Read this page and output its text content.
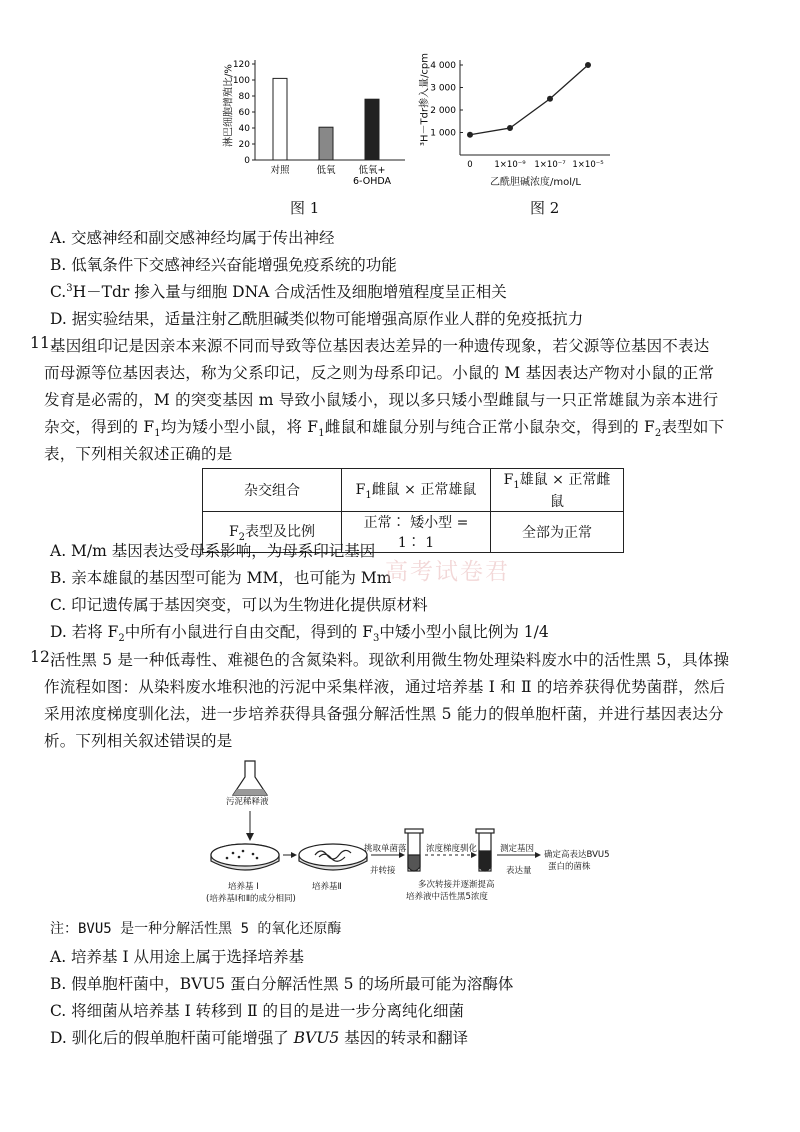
120
100
80
60
40
20
0
对照	低氧 低氧+
6-OHDA
淋巴细胞增殖比/%
图 1
4 000
3 000
2 000
1 000
0	1×10⁻⁹ 1×10⁻⁷ 1×10⁻⁵
³H－Tdr掺入量/cpm
乙酰胆碱浓度/mol/L
图 2
A. 交感神经和副交感神经均属于传出神经
B. 低氧条件下交感神经兴奋能增强免疫系统的功能
C.$^3$H－Tdr 掺入量与细胞 DNA 合成活性及细胞增殖程度呈正相关
D. 据实验结果，适量注射乙酰胆碱类似物可能增强高原作业人群的免疫抵抗力
11.
基因组印记是因亲本来源不同而导致等位基因表达差异的一种遗传现象，若父源等位基因不表达
而母源等位基因表达，称为父系印记，反之则为母系印记。小鼠的 M 基因表达产物对小鼠的正常
发育是必需的，M 的突变基因 m 导致小鼠矮小，现以多只矮小型雌鼠与一只正常雄鼠为亲本进行
杂交，得到的 $F_1$均为矮小型小鼠，将 $F_1$雌鼠和雄鼠分别与纯合正常小鼠杂交，得到的 $F_2$表型如下
表，下列相关叙述正确的是
杂交组合	$F_1$雌鼠 × 正常雄鼠	$F_1$雄鼠 × 正常雌鼠
$F_2$表型及比例	正常∶ 矮小型 = 1∶ 1	全部为正常
A. M/m 基因表达受母系影响，为母系印记基因
B. 亲本雄鼠的基因型可能为 MM，也可能为 Mm
C. 印记遗传属于基因突变，可以为生物进化提供原材料
D. 若将 $F_2$中所有小鼠进行自由交配，得到的 $F_3$中矮小型小鼠比例为 1/4
高考试卷君
12.
活性黑 5 是一种低毒性、难褪色的含氮染料。现欲利用微生物处理染料废水中的活性黑 5，具体操
作流程如图：从染料废水堆积池的污泥中采集样液，通过培养基 Ⅰ 和 Ⅱ 的培养获得优势菌群，然后
采用浓度梯度驯化法，进一步培养获得具备强分解活性黑 5 能力的假单胞杆菌，并进行基因表达分
析。下列相关叙述错误的是
污泥稀释液
培养基 Ⅰ
(培养基Ⅰ和Ⅱ的成分相同)
培养基Ⅱ
挑取单菌落
并转接
浓度梯度驯化
多次转接并逐渐提高
培养液中活性黑5浓度
测定基因
表达量
确定高表达BVU5
蛋白的菌株
注：BVU5 是一种分解活性黑 5 的氧化还原酶
A. 培养基 Ⅰ 从用途上属于选择培养基
B. 假单胞杆菌中，BVU5 蛋白分解活性黑 5 的场所最可能为溶酶体
C. 将细菌从培养基 Ⅰ 转移到 Ⅱ 的目的是进一步分离纯化细菌
D. 驯化后的假单胞杆菌可能增强了 BVU5 基因的转录和翻译
